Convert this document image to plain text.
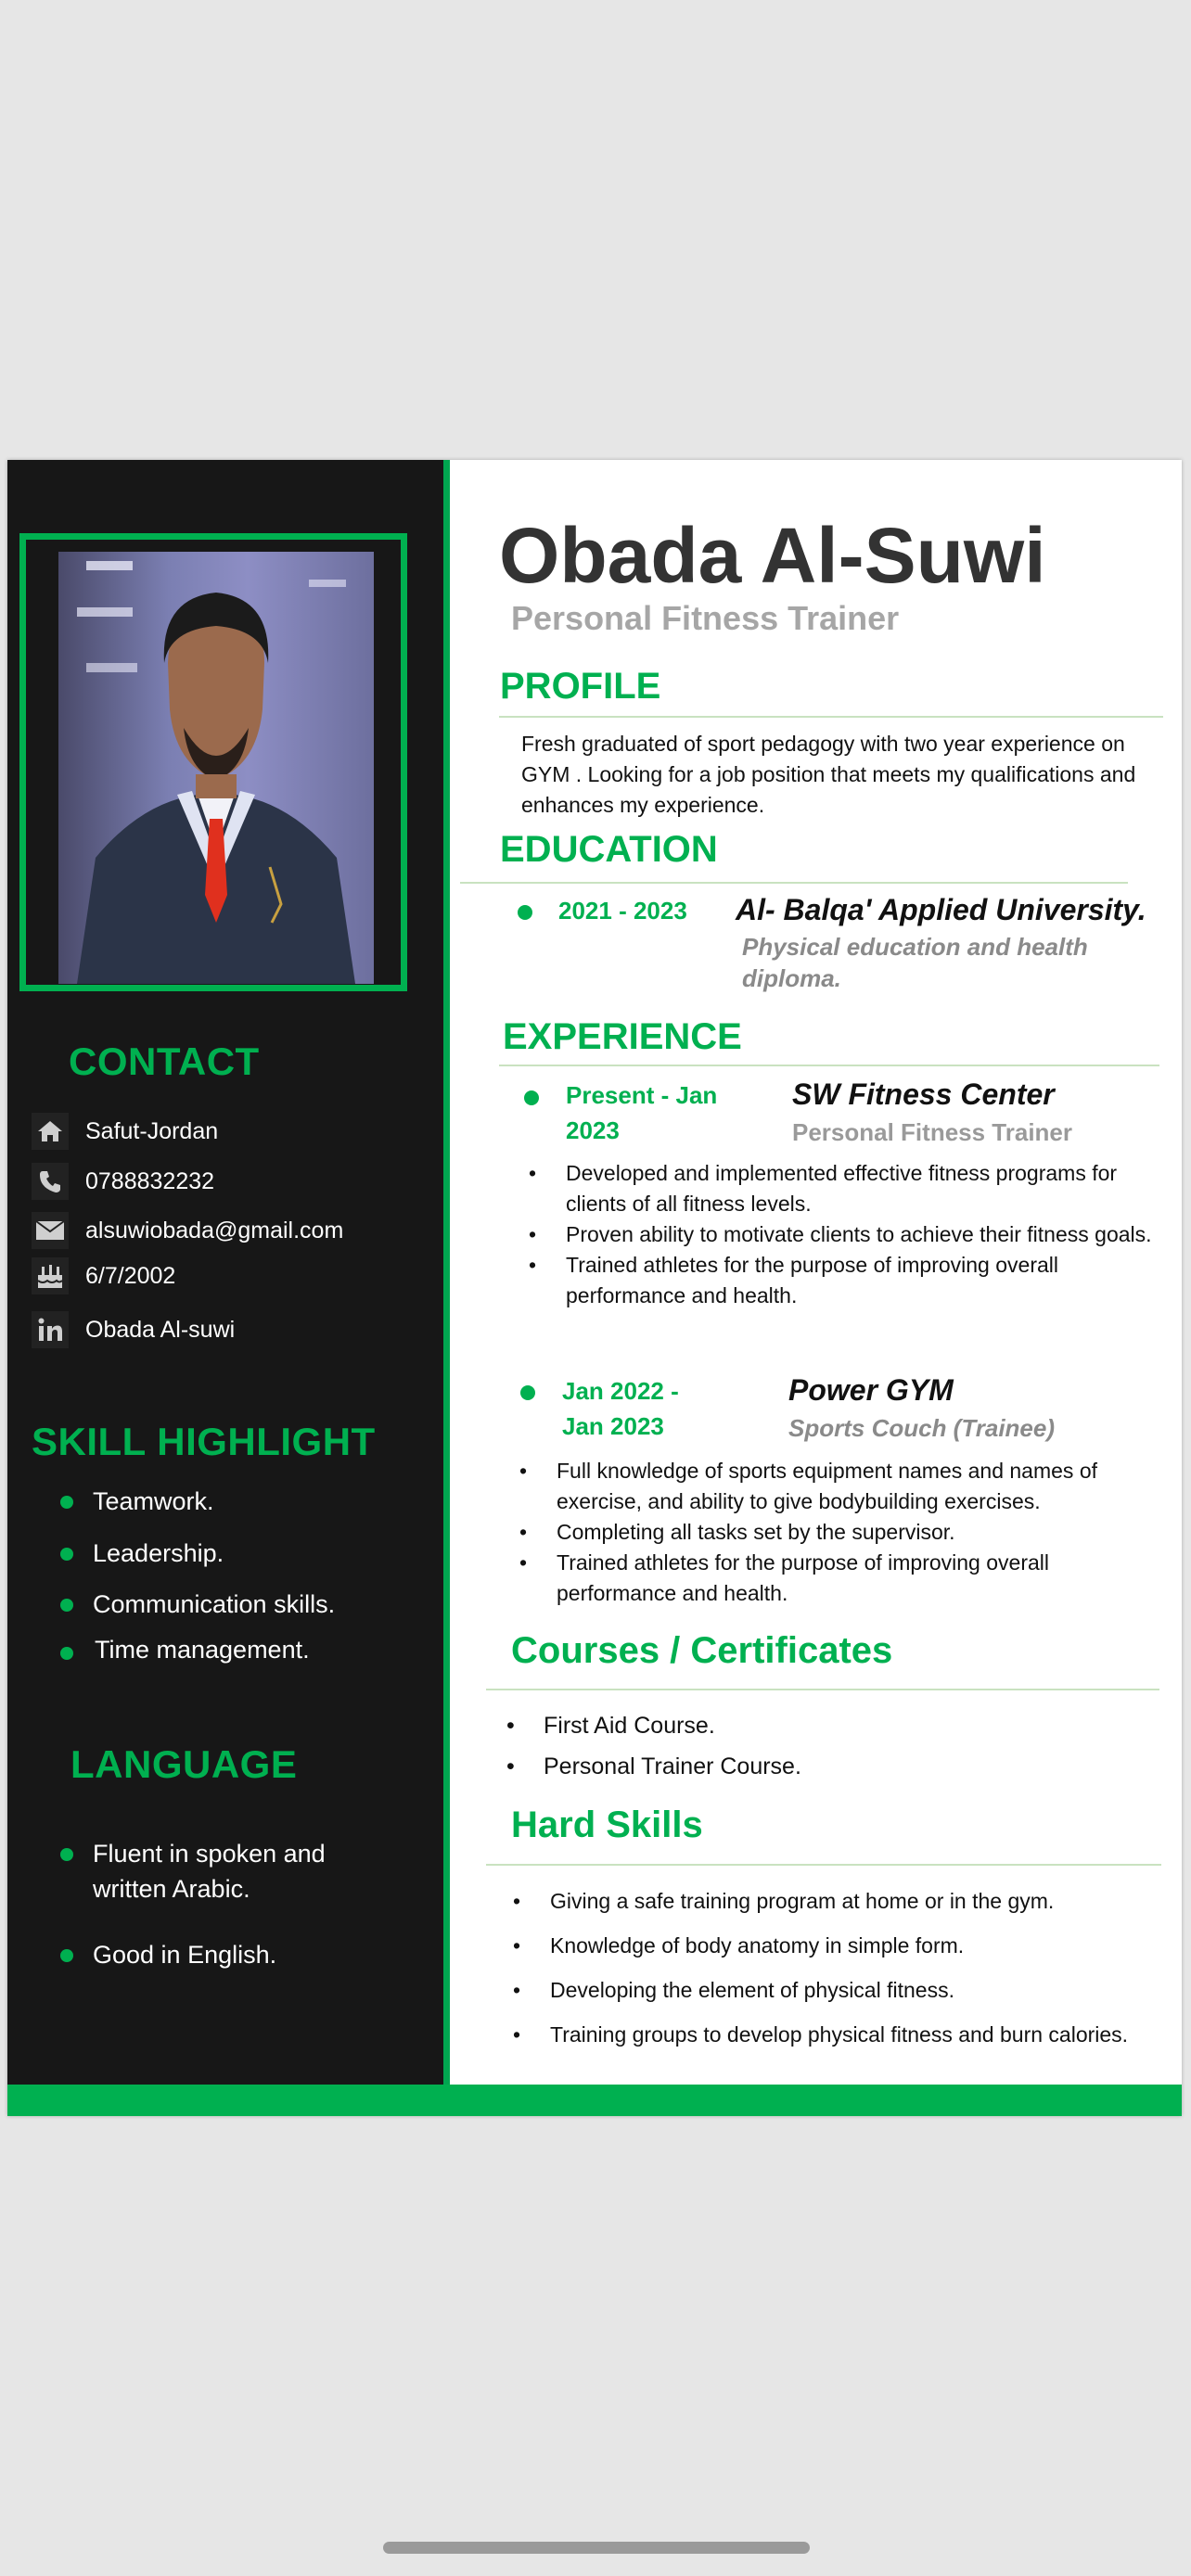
CONTACT
Safut-Jordan
0788832232
alsuwiobada@gmail.com
6/7/2002
Obada Al-suwi
SKILL HIGHLIGHT
Teamwork.
Leadership.
Communication skills.
Time management.
LANGUAGE
Fluent in spoken and written Arabic.
Good in English.
Obada Al-Suwi
Personal Fitness Trainer
PROFILE
Fresh graduated of sport pedagogy with two year experience on GYM . Looking for a job position that meets my qualifications and enhances my experience.
EDUCATION
2021 - 2023 Al- Balqa' Applied University.
Physical education and health diploma.
EXPERIENCE
Present - Jan 2023
SW Fitness Center
Personal Fitness Trainer
• Developed and implemented effective fitness programs for clients of all fitness levels.
• Proven ability to motivate clients to achieve their fitness goals.
• Trained athletes for the purpose of improving overall performance and health.
Jan 2022 - Jan 2023
Power GYM
Sports Couch (Trainee)
• Full knowledge of sports equipment names and names of exercise, and ability to give bodybuilding exercises.
• Completing all tasks set by the supervisor.
• Trained athletes for the purpose of improving overall performance and health.
Courses / Certificates
• First Aid Course.
• Personal Trainer Course.
Hard Skills
• Giving a safe training program at home or in the gym.
• Knowledge of body anatomy in simple form.
• Developing the element of physical fitness.
• Training groups to develop physical fitness and burn calories.
